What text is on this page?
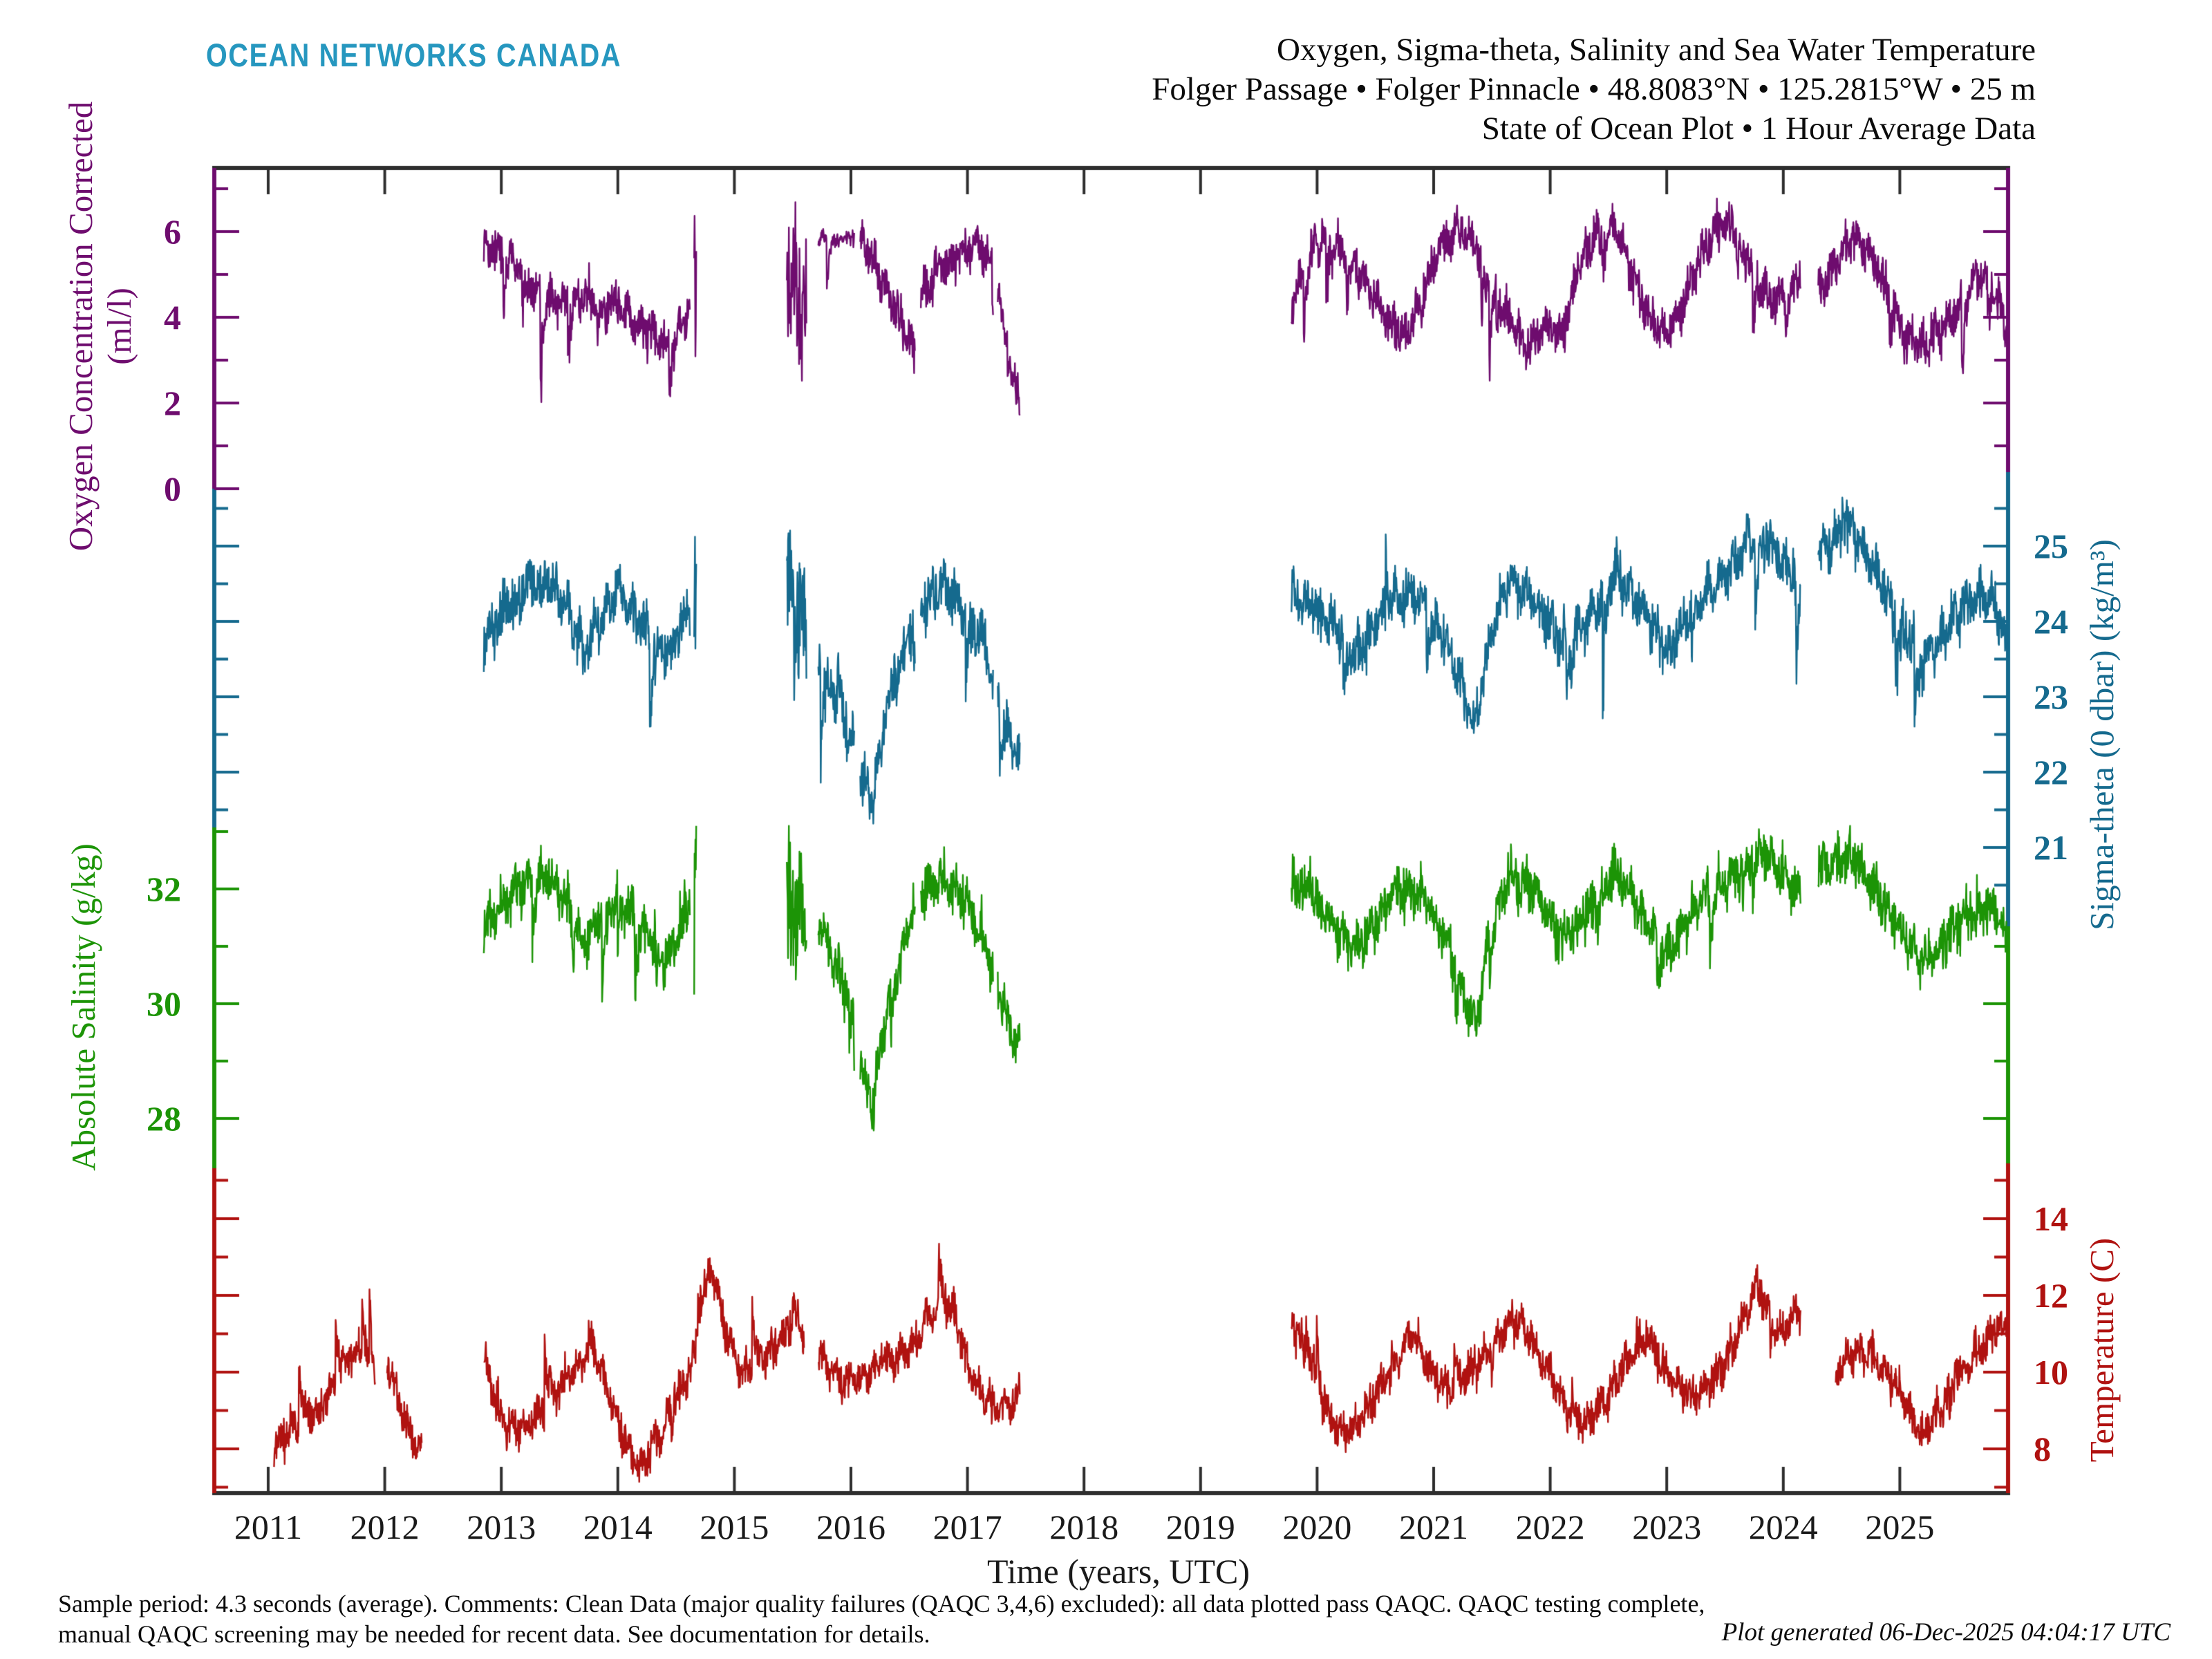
OCEAN NETWORKS CANADA	Oxygen, Sigma-theta, Salinity and Sea Water Temperature
Folger Passage • Folger Pinnacle • 48.8083°N • 125.2815°W • 25 m
State of Ocean Plot • 1 Hour Average Data
Oxygen Concentration Corrected (ml/l)
Sigma-theta (0 dbar) (kg/m³)
Absolute Salinity (g/kg)
Temperature (C)
Time (years, UTC)
Sample period: 4.3 seconds (average). Comments: Clean Data (major quality failures (QAQC 3,4,6) excluded): all data plotted pass QAQC. QAQC testing complete,
manual QAQC screening may be needed for recent data. See documentation for details.	Plot generated 06-Dec-2025 04:04:17 UTC
6
4
2
0
25
24
23
22
21
32
30
28
14
12
10
8
2011	2012	2013	2014	2015	2016	2017	2018	2019	2020	2021	2022	2023	2024	2025
